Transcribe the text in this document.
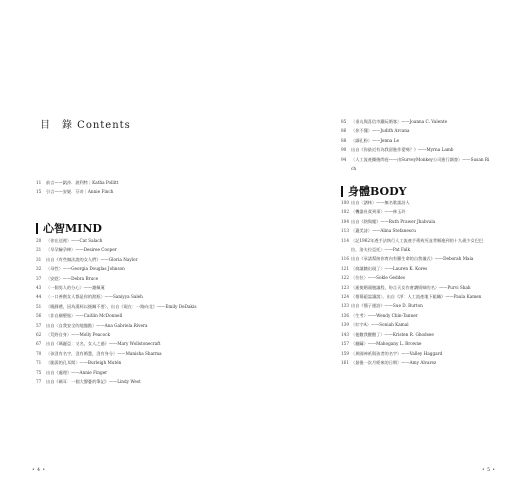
目　錄 Contents
11	前言——凱莎．波利特｜Katha Pollitt
15	引言——安妮．芬奇｜Annie Finch
心智MIND
20	〈你在這裡〉——Cat Salach
21	〈早孕驗孕棒〉——Desiree Cooper
31	出自《有些無法說的女人們》——Gloria Naylor
32	〈母性〉——Georgia Douglas Johnson
37	〈安慰〉——Debra Bruce
43	〈一個男人的分心〉——謝佩蓮
44	〈一口善創女人都是你的淚瓶〉——Saniyya Saleh
51	〈曉靜禮，因為漢柯以後關不要〉，出自《現在：一路向北》——Emily DeDakis
56	〈非自願墮胎〉——Caitlin McDonnell
57	出自〈自我安全的地盤點〉——Ana Gabriela Rivera
62	〈荒野自身〉——Molly Peacock
67	出自《瑪麗亞：又名，女人之過》——Mary Wollstonecraft
70	〈孩沒有名字，沒有婚慧，沒有身分〉——Manisha Sharma
71	〈脆弱的孔耳間〉——Burleigh Mutén
75	出自《處理》——Annie Finger
77	出自《碼耳：一個大聲憂的筆記》——Lindy West
• 4 •
85	〈垂丸與喜信市鐵玩婚客〉——Joanna C. Valente
86	〈你不懂〉——Judith Arcana
88	〈細孔粉〉——Jenna Le
90	出自《你最近有為我留進作愛嗎？》——Myrna Lamb
94	〈人工流產撕後問卷——由SurveyMonkey公司進行調查〉——Susan Rich
身體BODY
100 出自〈譜林〉——無名歌謠詩人
102 〈機器負責到事〉——林玉玲
104 出自《熱與塵》——Ruth Prawer Jhabvala
113 〈遺美詩〉——Alina Stefanescu
114 〈記1962年透手法執行人工流產手術致死並背縣進到的十九歲少女巴巴拉，洛夫拉亞托〉——Pat Falk
116 出自《承諾幫接你育內有羅生命的自我儀式》——Deborah Maia
121 〈商議隨出現了〉——Lauren K. Kores
122 〈位拉〉——Sokle Geddes
123 〈逝使婚頭胞議程，吩言天女作會讚情婦的名〉——Purvi Shah
124 〈措幕絕認讓說〉，出自《淨：人工流產地下組織》——Paula Kamen
133 出自《簡子運詩》——Sue D. Burton
136 〈生考〉——Wendy Chin-Tanner
139 〈紅字A〉——Soniah Kamal
143 〈他數我醒醒了〉——Kristen R. Ghodsee
157 〈翻繭〉——Mahogany L. Browne
159 〈異國神祇與孩者的名字〉——Valley Haggard
161 〈最後一次月經來的日期〉——Amy Alvarez
• 5 •
